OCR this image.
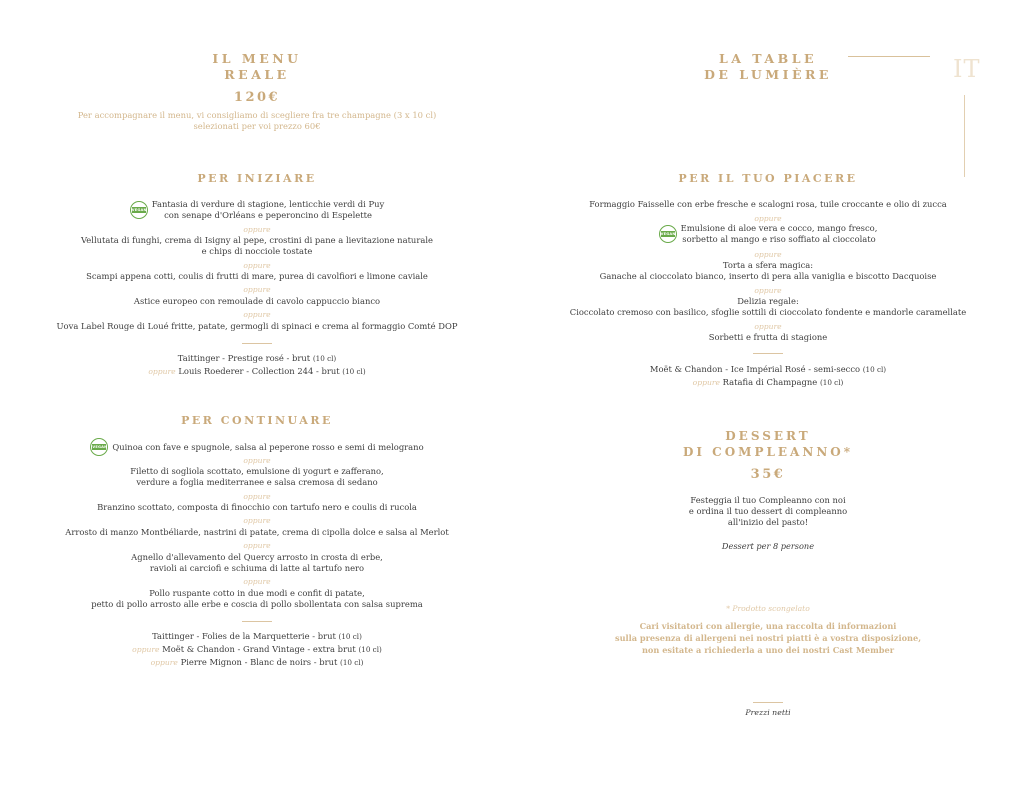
IT
IL MENU
REALE
120€
Per accompagnare il menu, vi consigliamo di scegliere fra tre champagne (3 x 10 cl)
selezionati per voi prezzo 60€
PER INIZIARE
VEGAN
Fantasia di verdure di stagione, lenticchie verdi di Puy
con senape d'Orléans e peperoncino di Espelette
oppure
Vellutata di funghi, crema di Isigny al pepe, crostini di pane a lievitazione naturale
e chips di nocciole tostate
oppure
Scampi appena cotti, coulis di frutti di mare, purea di cavolfiori e limone caviale
oppure
Astice europeo con remoulade di cavolo cappuccio bianco
oppure
Uova Label Rouge di Loué fritte, patate, germogli di spinaci e crema al formaggio Comté DOP
Taittinger - Prestige rosé - brut (10 cl)
oppure Louis Roederer - Collection 244 - brut (10 cl)
PER CONTINUARE
VEGAN Quinoa con fave e spugnole, salsa al peperone rosso e semi di melograno
oppure
Filetto di sogliola scottato, emulsione di yogurt e zafferano,
verdure a foglia mediterranee e salsa cremosa di sedano
oppure
Branzino scottato, composta di finocchio con tartufo nero e coulis di rucola
oppure
Arrosto di manzo Montbéliarde, nastrini di patate, crema di cipolla dolce e salsa al Merlot
oppure
Agnello d'allevamento del Quercy arrosto in crosta di erbe,
ravioli ai carciofi e schiuma di latte al tartufo nero
oppure
Pollo ruspante cotto in due modi e confit di patate,
petto di pollo arrosto alle erbe e coscia di pollo sbollentata con salsa suprema
Taittinger - Folies de la Marquetterie - brut (10 cl)
oppure Moët & Chandon - Grand Vintage - extra brut (10 cl)
oppure Pierre Mignon - Blanc de noirs - brut (10 cl)
LA TABLE
DE LUMIÈRE
PER IL TUO PIACERE
Formaggio Faisselle con erbe fresche e scalogni rosa, tuile croccante e olio di zucca
oppure
VEGAN
Emulsione di aloe vera e cocco, mango fresco,
sorbetto al mango e riso soffiato al cioccolato
oppure
Torta a sfera magica:
Ganache al cioccolato bianco, inserto di pera alla vaniglia e biscotto Dacquoise
oppure
Delizia regale:
Cioccolato cremoso con basilico, sfoglie sottili di cioccolato fondente e mandorle caramellate
oppure
Sorbetti e frutta di stagione
Moët & Chandon - Ice Impérial Rosé - semi-secco (10 cl)
oppure Ratafia di Champagne (10 cl)
DESSERT
DI COMPLEANNO*
35€
Festeggia il tuo Compleanno con noi
e ordina il tuo dessert di compleanno
all'inizio del pasto!
Dessert per 8 persone
* Prodotto scongelato
Cari visitatori con allergie, una raccolta di informazioni
sulla presenza di allergeni nei nostri piatti è a vostra disposizione,
non esitate a richiederla a uno dei nostri Cast Member
Prezzi netti
